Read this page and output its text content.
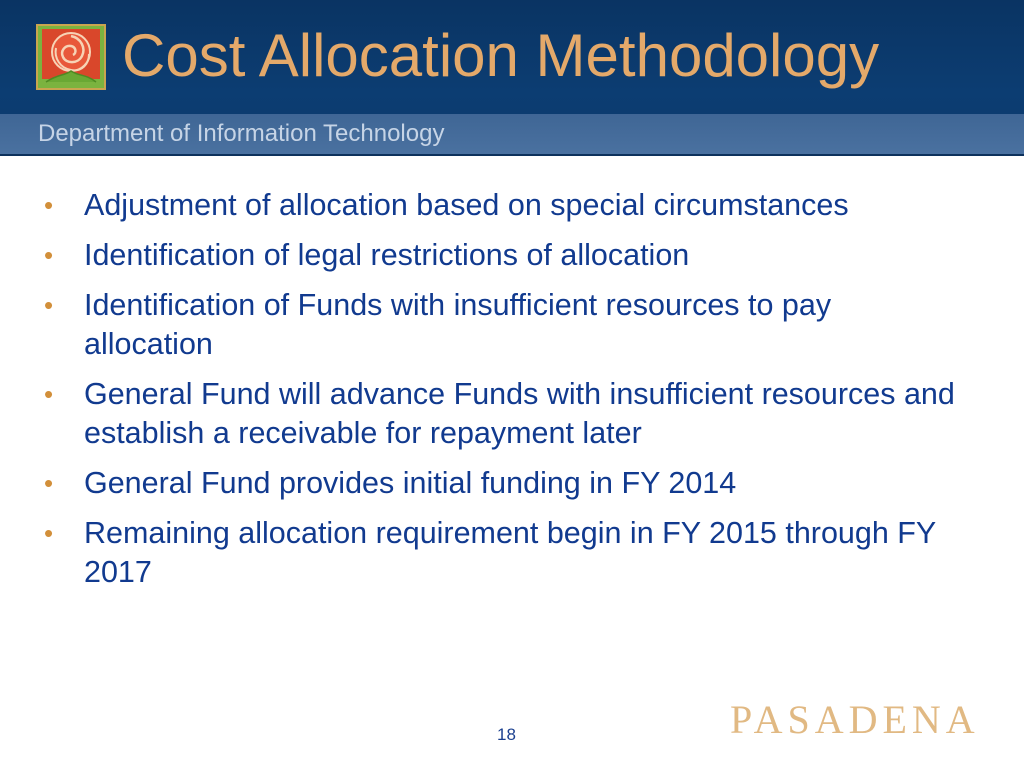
Cost Allocation Methodology
Department of Information Technology
•	Adjustment of allocation based on special circumstances
•	Identification of legal restrictions of allocation
•	Identification of Funds with insufficient resources to pay allocation
•	General Fund will advance Funds with insufficient resources and establish a receivable for repayment later
•	General Fund provides initial funding in FY 2014
•	Remaining allocation requirement begin in FY 2015 through FY 2017
18	PASADENA
